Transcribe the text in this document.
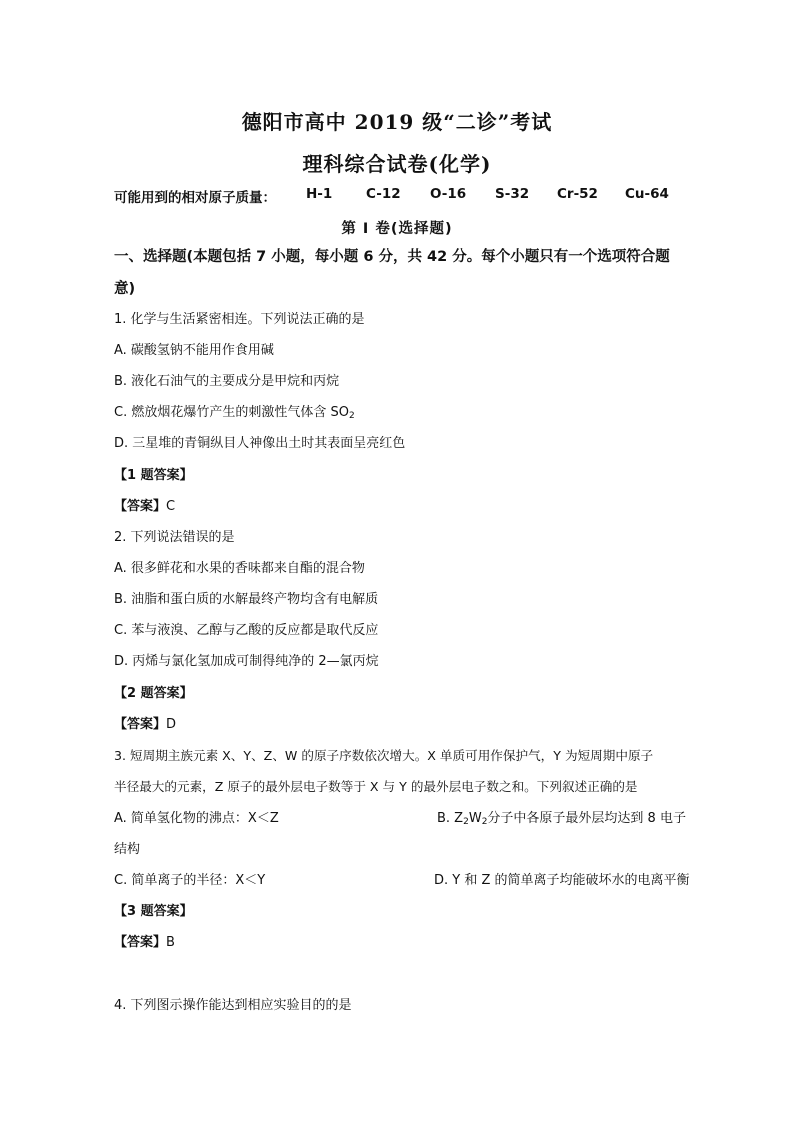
德阳市高中 2019 级“二诊”考试
理科综合试卷(化学)
可能用到的相对原子质量： H-1 C-12 O-16 S-32 Cr-52 Cu-64
第 I 卷(选择题)
一、选择题(本题包括 7 小题，每小题 6 分，共 42 分。每个小题只有一个选项符合题
意)
1. 化学与生活紧密相连。下列说法正确的是
A. 碳酸氢钠不能用作食用碱
B. 液化石油气的主要成分是甲烷和丙烷
C. 燃放烟花爆竹产生的刺激性气体含 $SO_2$
D. 三星堆的青铜纵目人神像出土时其表面呈亮红色
【1 题答案】
【答案】C
2. 下列说法错误的是
A. 很多鲜花和水果的香味都来自酯的混合物
B. 油脂和蛋白质的水解最终产物均含有电解质
C. 苯与液溴、乙醇与乙酸的反应都是取代反应
D. 丙烯与氯化氢加成可制得纯净的 2—氯丙烷
【2 题答案】
【答案】D
3. 短周期主族元素 X、Y、Z、W 的原子序数依次增大。X 单质可用作保护气，Y 为短周期中原子
半径最大的元素，Z 原子的最外层电子数等于 X 与 Y 的最外层电子数之和。下列叙述正确的是
A. 简单氢化物的沸点：X＜Z	B. $Z_2W_2$分子中各原子最外层均达到 8 电子
结构
C. 简单离子的半径：X＜Y	D. Y 和 Z 的简单离子均能破坏水的电离平衡
【3 题答案】
【答案】B
4. 下列图示操作能达到相应实验目的的是
